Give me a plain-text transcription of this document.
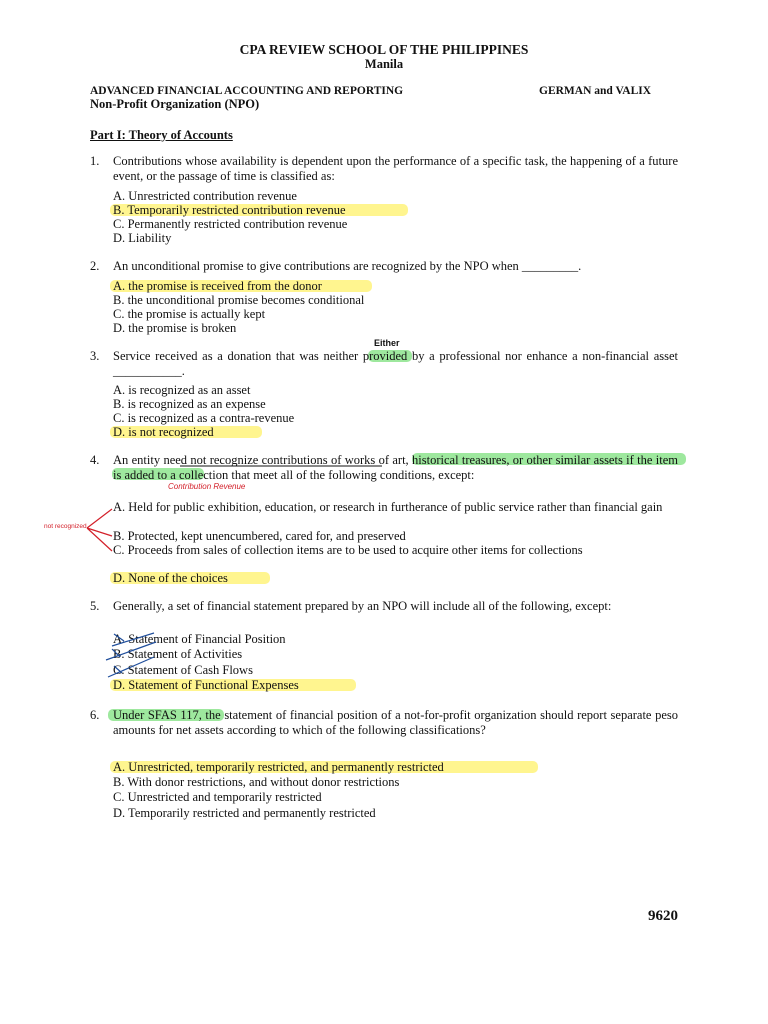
CPA REVIEW SCHOOL OF THE PHILIPPINES
Manila
ADVANCED FINANCIAL ACCOUNTING AND REPORTING	GERMAN and VALIX
Non-Profit Organization (NPO)
Part I: Theory of Accounts
1. Contributions whose availability is dependent upon the performance of a specific task, the happening of a future event, or the passage of time is classified as:
A. Unrestricted contribution revenue
B. Temporarily restricted contribution revenue
C. Permanently restricted contribution revenue
D. Liability
2. An unconditional promise to give contributions are recognized by the NPO when _________.
A. the promise is received from the donor
B. the unconditional promise becomes conditional
C. the promise is actually kept
D. the promise is broken
Either
3. Service received as a donation that was neither provided by a professional nor enhance a non-financial asset ___________.
A. is recognized as an asset
B. is recognized as an expense
C. is recognized as a contra-revenue
D. is not recognized
4. An entity need not recognize contributions of works of art, historical treasures, or other similar assets if the item is added to a collection that meet all of the following conditions, except:
Contribution Revenue
A. Held for public exhibition, education, or research in furtherance of public service rather than financial gain
B. Protected, kept unencumbered, cared for, and preserved
C. Proceeds from sales of collection items are to be used to acquire other items for collections
D. None of the choices
not recognized
5. Generally, a set of financial statement prepared by an NPO will include all of the following, except:
A. Statement of Financial Position
B. Statement of Activities
C. Statement of Cash Flows
D. Statement of Functional Expenses
6. Under SFAS 117, the statement of financial position of a not-for-profit organization should report separate peso amounts for net assets according to which of the following classifications?
A. Unrestricted, temporarily restricted, and permanently restricted
B. With donor restrictions, and without donor restrictions
C. Unrestricted and temporarily restricted
D. Temporarily restricted and permanently restricted
9620
